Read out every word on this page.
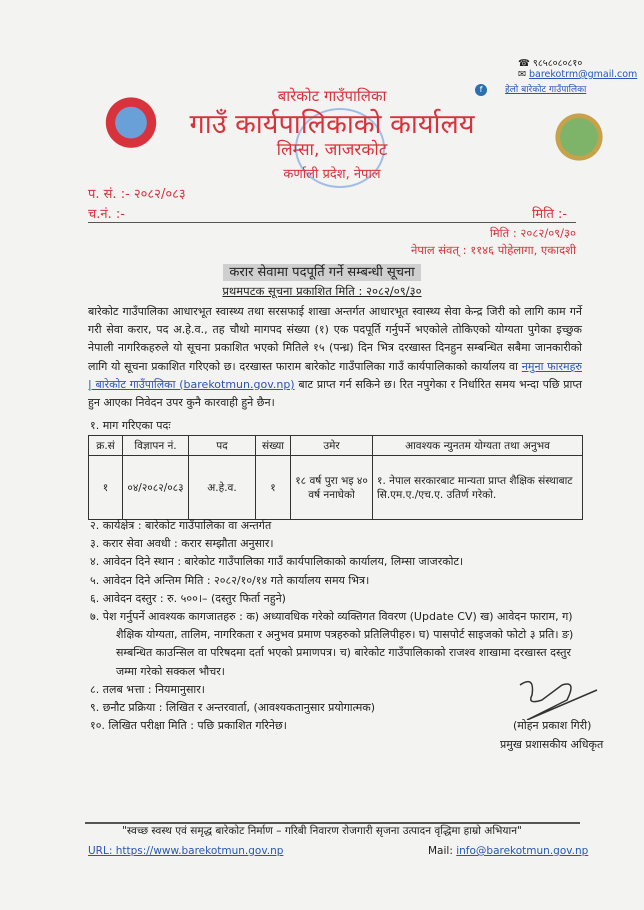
☎ ९८५८०८०८१०
✉ barekotrm@gmail.com
f	हेलो बारेकोट गाउँपालिका
बारेकोट गाउँपालिका
गाउँ कार्यपालिकाको कार्यालय
लिम्सा, जाजरकोट
कर्णाली प्रदेश, नेपाल
प. सं. :- २०८२/०८३
च.नं. :-	मिति :-
मिति : २०८२/०९/३०
नेपाल संवत् : ११४६ पोहेलागा, एकादशी
करार सेवामा पदपूर्ति गर्ने सम्बन्धी सूचना
प्रथमपटक सूचना प्रकाशित मिति : २०८२/०९/३०
बारेकोट गाउँपालिका आधारभूत स्वास्थ्य तथा सरसफाई शाखा अन्तर्गत आधारभूत स्वास्थ्य सेवा केन्द्र जिरी को लागि काम गर्ने गरी सेवा करार, पद अ.हे.व., तह चौथो मागपद संख्या (१) एक पदपूर्ति गर्नुपर्ने भएकोले तोकिएको योग्यता पुगेका इच्छुक नेपाली नागरिकहरुले यो सूचना प्रकाशित भएको मितिले १५ (पन्ध्र) दिन भित्र दरखास्त दिनहुन सम्बन्धित सबैमा जानकारीको लागि यो सूचना प्रकाशित गरिएको छ। दरखास्त फाराम बारेकोट गाउँपालिका गाउँ कार्यपालिकाको कार्यालय वा नमुना फारमहरु | बारेकोट गाउँपालिका (barekotmun.gov.np) बाट प्राप्त गर्न सकिने छ। रित नपुगेका र निर्धारित समय भन्दा पछि प्राप्त हुन आएका निवेदन उपर कुनै कारवाही हुने छैन।
१. माग गरिएका पदः
क्र.सं	विज्ञापन नं.	पद	संख्या	उमेर	आवश्यक न्युनतम योग्यता तथा अनुभव
१	०४/२०८२/०८३	अ.हे.व.	१	१८ वर्ष पुरा भइ ४० वर्ष ननाघेको	१. नेपाल सरकारबाट मान्यता प्राप्त शैक्षिक संस्थाबाट सि.एम.ए./एच.ए. उतिर्ण गरेको.
२. कार्यक्षेत्र : बारेकोट गाउँपालिका वा अन्तर्गत
३. करार सेवा अवधी : करार सम्झौता अनुसार।
४. आवेदन दिने स्थान : बारेकोट गाउँपालिका गाउँ कार्यपालिकाको कार्यालय, लिम्सा जाजरकोट।
५. आवेदन दिने अन्तिम मिति : २०८२/१०/१४ गते कार्यालय समय भित्र।
६. आवेदन दस्तुर : रु. ५००।– (दस्तुर फिर्ता नहुने)
७. पेश गर्नुपर्ने आवश्यक कागजातहरु : क) अध्यावधिक गरेको व्यक्तिगत विवरण (Update CV) ख) आवेदन फाराम, ग) शैक्षिक योग्यता, तालिम, नागरिकता र अनुभव प्रमाण पत्रहरुको प्रतिलिपीहरु। घ) पासपोर्ट साइजको फोटो ३ प्रति। ङ) सम्बन्धित काउन्सिल वा परिषदमा दर्ता भएको प्रमाणपत्र। च) बारेकोट गाउँपालिकाको राजश्व शाखामा दरखास्त दस्तुर जम्मा गरेको सक्कल भौचर।
८. तलब भत्ता : नियमानुसार।
९. छनौट प्रक्रिया : लिखित र अन्तरवार्ता, (आवश्यकतानुसार प्रयोगात्मक)
१०. लिखित परीक्षा मिति : पछि प्रकाशित गरिनेछ।	(मोहन प्रकाश गिरी)
प्रमुख प्रशासकीय अधिकृत
"स्वच्छ स्वस्थ एवं समृद्ध बारेकोट निर्माण – गरिबी निवारण रोजगारी सृजना उत्पादन वृद्धिमा हाम्रो अभियान"
URL: https://www.barekotmun.gov.np	Mail: info@barekotmun.gov.np
